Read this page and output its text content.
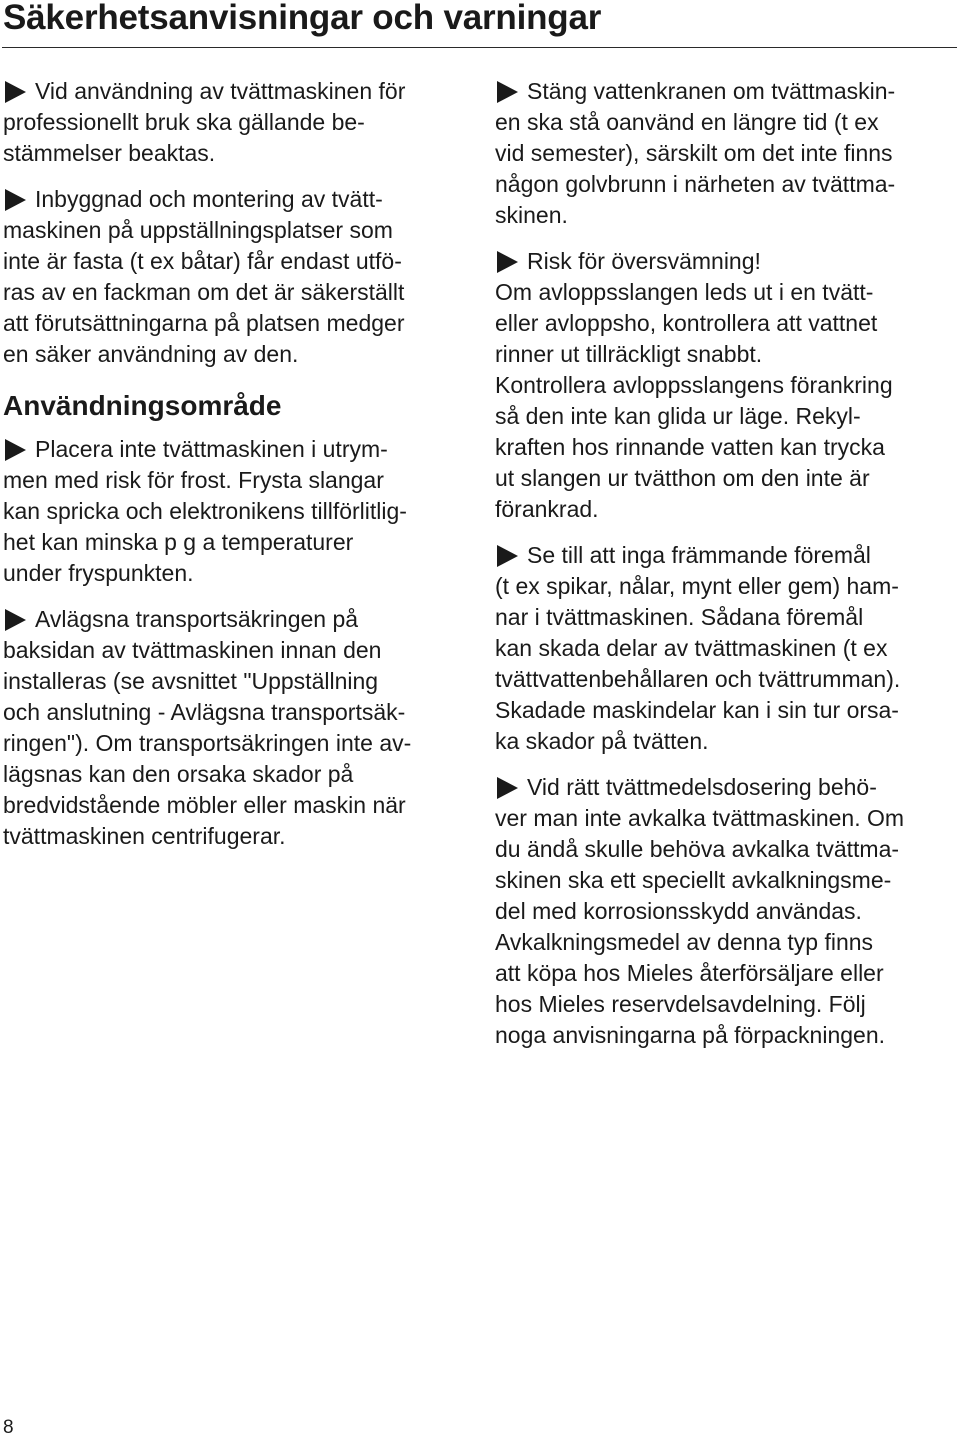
Säkerhetsanvisningar och varningar

Vid användning av tvättmaskinen för
professionellt bruk ska gällande be-
stämmelser beaktas.

Inbyggnad och montering av tvätt-
maskinen på uppställningsplatser som
inte är fasta (t ex båtar) får endast utfö-
ras av en fackman om det är säkerställt
att förutsättningarna på platsen medger
en säker användning av den.

Användningsområde

Placera inte tvättmaskinen i utrym-
men med risk för frost. Frysta slangar
kan spricka och elektronikens tillförlitlig-
het kan minska p g a temperaturer
under fryspunkten.

Avlägsna transportsäkringen på
baksidan av tvättmaskinen innan den
installeras (se avsnittet "Uppställning
och anslutning - Avlägsna transportsäk-
ringen"). Om transportsäkringen inte av-
lägsnas kan den orsaka skador på
bredvidstående möbler eller maskin när
tvättmaskinen centrifugerar.

Stäng vattenkranen om tvättmaskin-
en ska stå oanvänd en längre tid (t ex
vid semester), särskilt om det inte finns
någon golvbrunn i närheten av tvättma-
skinen.

Risk för översvämning!
Om avloppsslangen leds ut i en tvätt-
eller avloppsho, kontrollera att vattnet
rinner ut tillräckligt snabbt.
Kontrollera avloppsslangens förankring
så den inte kan glida ur läge. Rekyl-
kraften hos rinnande vatten kan trycka
ut slangen ur tvätthon om den inte är
förankrad.

Se till att inga främmande föremål
(t ex spikar, nålar, mynt eller gem) ham-
nar i tvättmaskinen. Sådana föremål
kan skada delar av tvättmaskinen (t ex
tvättvattenbehållaren och tvättrumman).
Skadade maskindelar kan i sin tur orsa-
ka skador på tvätten.

Vid rätt tvättmedelsdosering behö-
ver man inte avkalka tvättmaskinen. Om
du ändå skulle behöva avkalka tvättma-
skinen ska ett speciellt avkalkningsme-
del med korrosionsskydd användas.
Avkalkningsmedel av denna typ finns
att köpa hos Mieles återförsäljare eller
hos Mieles reservdelsavdelning. Följ
noga anvisningarna på förpackningen.

8
